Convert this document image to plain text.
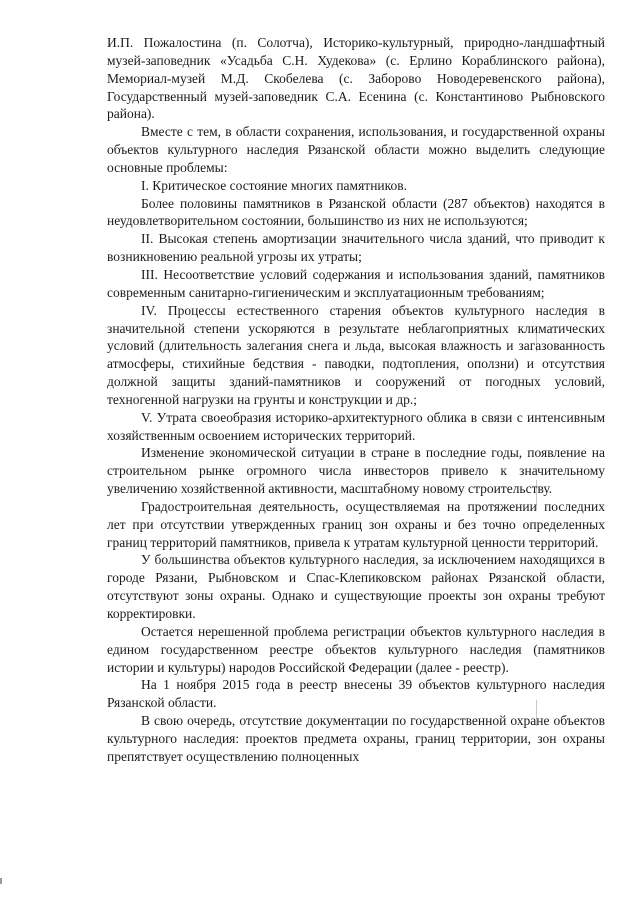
И.П. Пожалостина (п. Солотча), Историко-культурный, природно-ландшафтный музей-заповедник «Усадьба С.Н. Худекова» (с. Ерлино Кораблинского района), Мемориал-музей М.Д. Скобелева (с. Заборово Новодеревенского района), Государственный музей-заповедник С.А. Есенина (с. Константиново Рыбновского района).

Вместе с тем, в области сохранения, использования, и государственной охраны объектов культурного наследия Рязанской области можно выделить следующие основные проблемы:

I. Критическое состояние многих памятников.

Более половины памятников в Рязанской области (287 объектов) находятся в неудовлетворительном состоянии, большинство из них не используются;

II. Высокая степень амортизации значительного числа зданий, что приводит к возникновению реальной угрозы их утраты;

III. Несоответствие условий содержания и использования зданий, памятников современным санитарно-гигиеническим и эксплуатационным требованиям;

IV. Процессы естественного старения объектов культурного наследия в значительной степени ускоряются в результате неблагоприятных климатических условий (длительность залегания снега и льда, высокая влажность и загазованность атмосферы, стихийные бедствия - паводки, подтопления, оползни) и отсутствия должной защиты зданий-памятников и сооружений от погодных условий, техногенной нагрузки на грунты и конструкции и др.;

V. Утрата своеобразия историко-архитектурного облика в связи с интенсивным хозяйственным освоением исторических территорий.

Изменение экономической ситуации в стране в последние годы, появление на строительном рынке огромного числа инвесторов привело к значительному увеличению хозяйственной активности, масштабному новому строительству.

Градостроительная деятельность, осуществляемая на протяжении последних лет при отсутствии утвержденных границ зон охраны и без точно определенных границ территорий памятников, привела к утратам культурной ценности территорий.

У большинства объектов культурного наследия, за исключением находящихся в городе Рязани, Рыбновском и Спас-Клепиковском районах Рязанской области, отсутствуют зоны охраны. Однако и существующие проекты зон охраны требуют корректировки.

Остается нерешенной проблема регистрации объектов культурного наследия в едином государственном реестре объектов культурного наследия (памятников истории и культуры) народов Российской Федерации (далее - реестр).

На 1 ноября 2015 года в реестр внесены 39 объектов культурного наследия Рязанской области.

В свою очередь, отсутствие документации по государственной охране объектов культурного наследия: проектов предмета охраны, границ территории, зон охраны препятствует осуществлению полноценных
